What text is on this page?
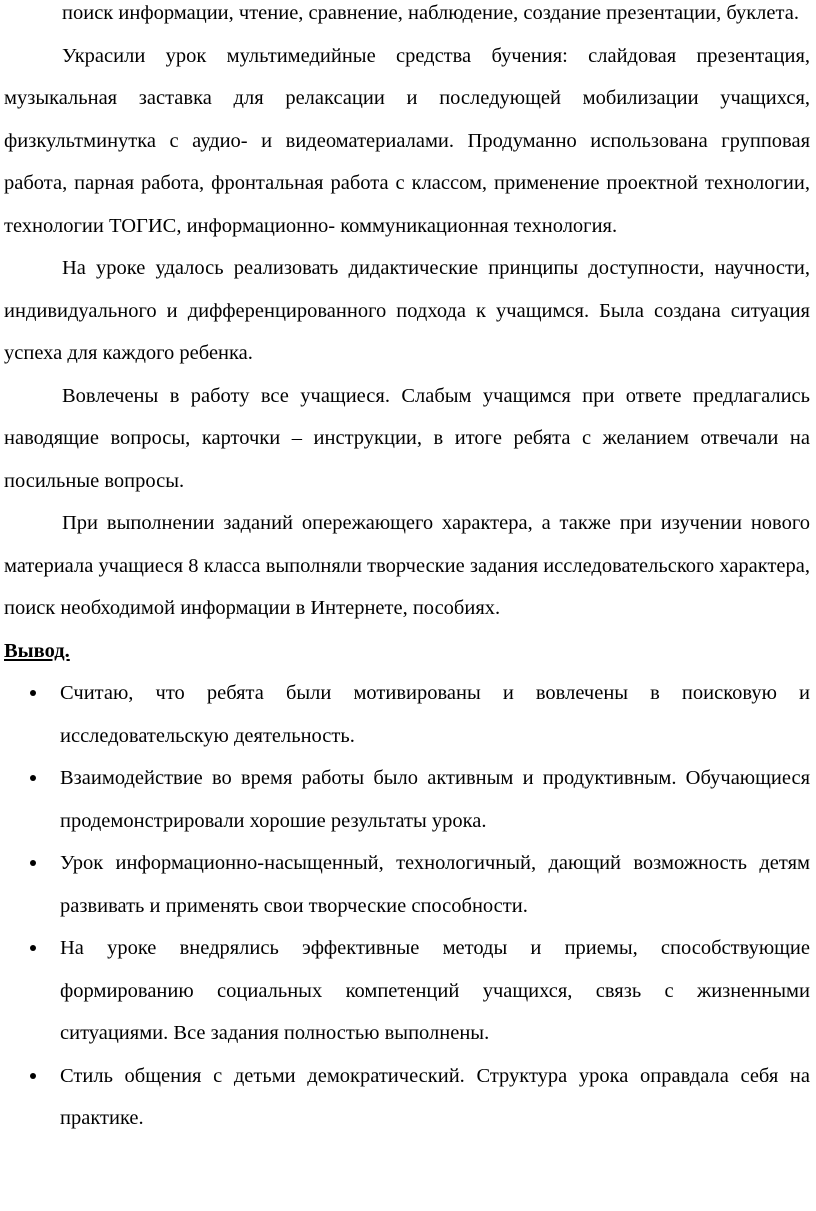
поиск информации, чтение, сравнение, наблюдение, создание презентации, буклета.

Украсили урок мультимедийные средства бучения: слайдовая презентация, музыкальная заставка для релаксации и последующей мобилизации учащихся, физкультминутка с аудио- и видеоматериалами. Продуманно использована групповая работа, парная работа, фронтальная работа с классом, применение проектной технологии, технологии ТОГИС, информационно- коммуникационная технология.

На уроке удалось реализовать дидактические принципы доступности, научности, индивидуального и дифференцированного подхода к учащимся. Была создана ситуация успеха для каждого ребенка.

Вовлечены в работу все учащиеся. Слабым учащимся при ответе предлагались наводящие вопросы, карточки – инструкции, в итоге ребята с желанием отвечали на посильные вопросы.

При выполнении заданий опережающего характера, а также при изучении нового материала учащиеся 8 класса выполняли творческие задания исследовательского характера, поиск необходимой информации в Интернете, пособиях.

Вывод.
Считаю, что ребята были мотивированы и вовлечены в поисковую и исследовательскую деятельность.
Взаимодействие во время работы было активным и продуктивным. Обучающиеся продемонстрировали хорошие результаты урока.
Урок информационно-насыщенный, технологичный, дающий возможность детям развивать и применять свои творческие способности.
На уроке внедрялись эффективные методы и приемы, способствующие формированию социальных компетенций учащихся, связь с жизненными ситуациями. Все задания полностью выполнены.
Стиль общения с детьми демократический. Структура урока оправдала себя на практике.
